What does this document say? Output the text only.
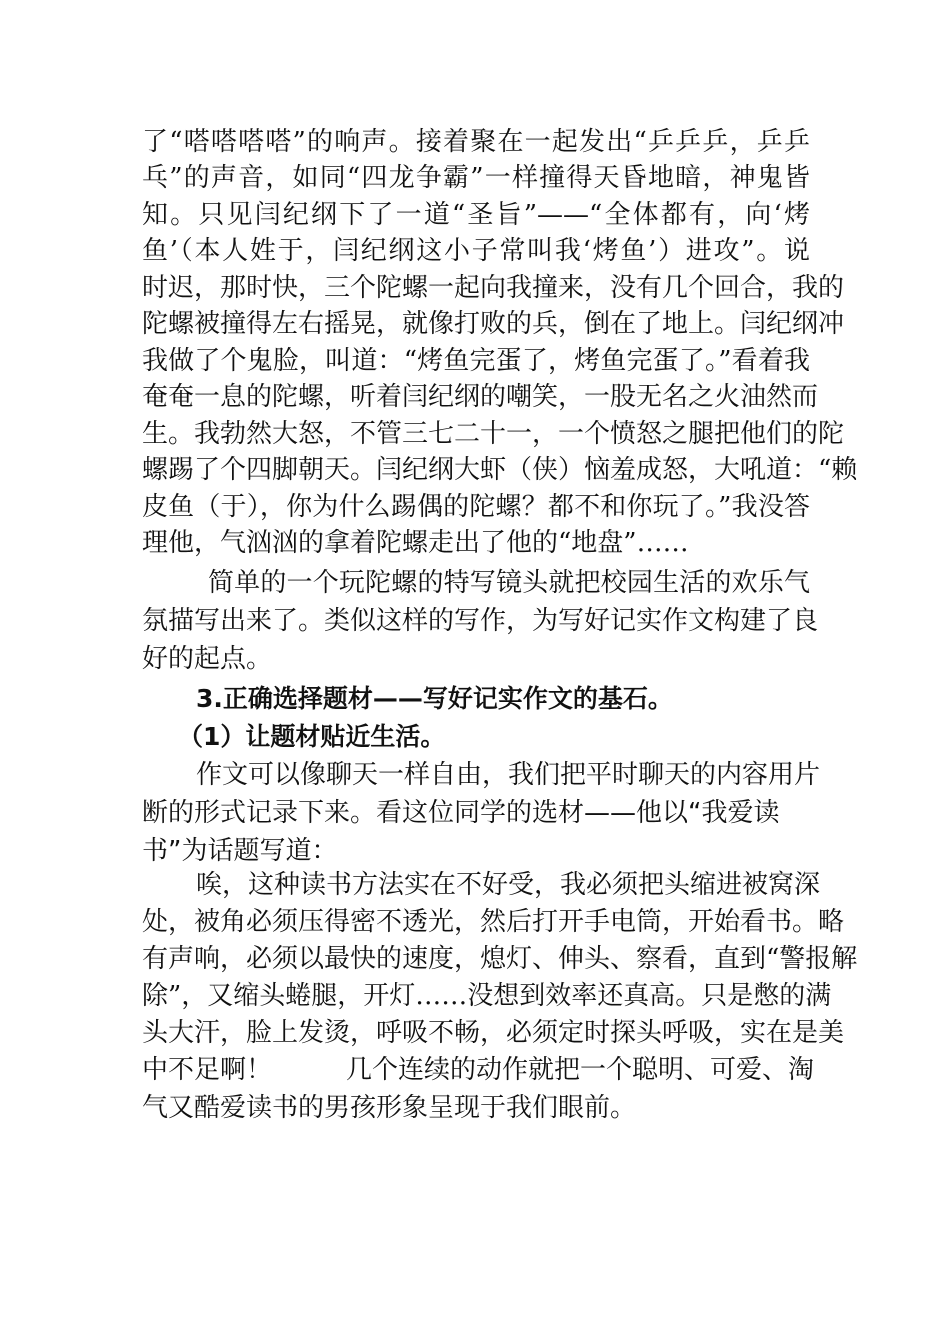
了“嗒嗒嗒嗒”的响声。接着聚在一起发出“乒乒乒，乒乒
乓”的声音，如同“四龙争霸”一样撞得天昏地暗，神鬼皆
知。只见闫纪纲下了一道“圣旨”——“全体都有，向‘烤
鱼’（本人姓于，闫纪纲这小子常叫我‘烤鱼’）进攻”。说
时迟，那时快，三个陀螺一起向我撞来，没有几个回合，我的
陀螺被撞得左右摇晃，就像打败的兵，倒在了地上。闫纪纲冲
我做了个鬼脸，叫道：“烤鱼完蛋了，烤鱼完蛋了。”看着我
奄奄一息的陀螺，听着闫纪纲的嘲笑，一股无名之火油然而
生。我勃然大怒，不管三七二十一，一个愤怒之腿把他们的陀
螺踢了个四脚朝天。闫纪纲大虾（侠）恼羞成怒，大吼道：“赖
皮鱼（于），你为什么踢偶的陀螺？都不和你玩了。”我没答
理他，气汹汹的拿着陀螺走出了他的“地盘”……
简单的一个玩陀螺的特写镜头就把校园生活的欢乐气
氛描写出来了。类似这样的写作，为写好记实作文构建了良
好的起点。
3.正确选择题材——写好记实作文的基石。
（1）让题材贴近生活。
作文可以像聊天一样自由，我们把平时聊天的内容用片
断的形式记录下来。看这位同学的选材——他以“我爱读
书”为话题写道：
唉，这种读书方法实在不好受，我必须把头缩进被窝深
处，被角必须压得密不透光，然后打开手电筒，开始看书。略
有声响，必须以最快的速度，熄灯、伸头、察看，直到“警报解
除”，又缩头蜷腿，开灯……没想到效率还真高。只是憋的满
头大汗，脸上发烫，呼吸不畅，必须定时探头呼吸，实在是美
中不足啊！	几个连续的动作就把一个聪明、可爱、淘
气又酷爱读书的男孩形象呈现于我们眼前。
